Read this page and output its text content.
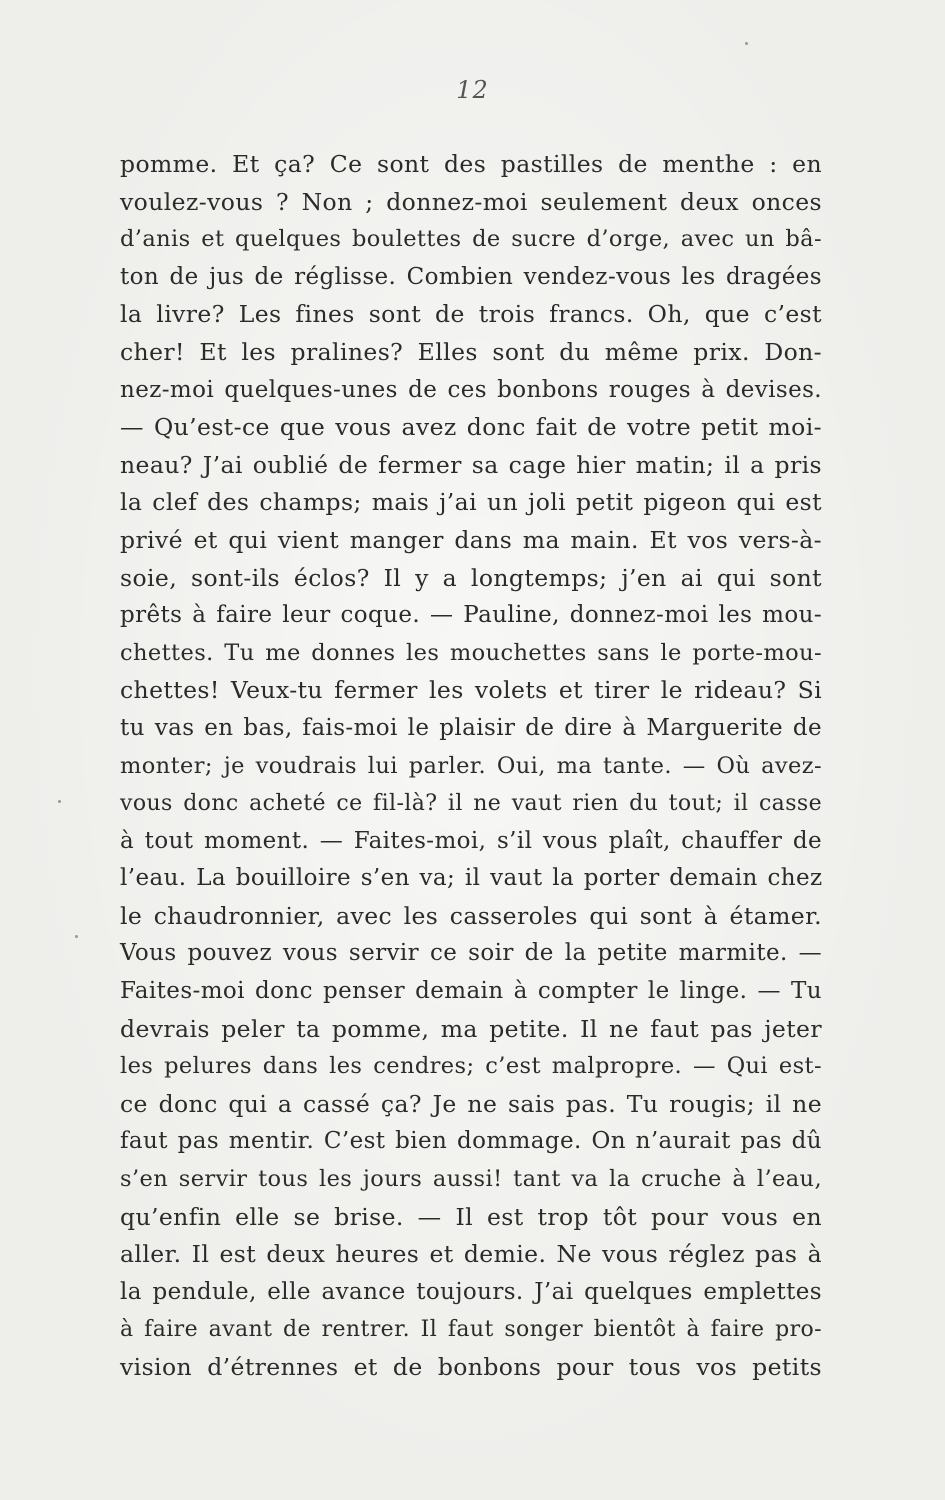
12
pomme. Et ça? Ce sont des pastilles de menthe : en
voulez-vous ? Non ; donnez-moi seulement deux onces
d’anis et quelques boulettes de sucre d’orge, avec un bâ-
ton de jus de réglisse. Combien vendez-vous les dragées
la livre? Les fines sont de trois francs. Oh, que c’est
cher! Et les pralines? Elles sont du même prix. Don-
nez-moi quelques-unes de ces bonbons rouges à devises.
— Qu’est-ce que vous avez donc fait de votre petit moi-
neau? J’ai oublié de fermer sa cage hier matin; il a pris
la clef des champs; mais j’ai un joli petit pigeon qui est
privé et qui vient manger dans ma main. Et vos vers-à-
soie, sont-ils éclos? Il y a longtemps; j’en ai qui sont
prêts à faire leur coque. — Pauline, donnez-moi les mou-
chettes. Tu me donnes les mouchettes sans le porte-mou-
chettes! Veux-tu fermer les volets et tirer le rideau? Si
tu vas en bas, fais-moi le plaisir de dire à Marguerite de
monter; je voudrais lui parler. Oui, ma tante. — Où avez-
vous donc acheté ce fil-là? il ne vaut rien du tout; il casse
à tout moment. — Faites-moi, s’il vous plaît, chauffer de
l’eau. La bouilloire s’en va; il vaut la porter demain chez
le chaudronnier, avec les casseroles qui sont à étamer.
Vous pouvez vous servir ce soir de la petite marmite. —
Faites-moi donc penser demain à compter le linge. — Tu
devrais peler ta pomme, ma petite. Il ne faut pas jeter
les pelures dans les cendres; c’est malpropre. — Qui est-
ce donc qui a cassé ça? Je ne sais pas. Tu rougis; il ne
faut pas mentir. C’est bien dommage. On n’aurait pas dû
s’en servir tous les jours aussi! tant va la cruche à l’eau,
qu’enfin elle se brise. — Il est trop tôt pour vous en
aller. Il est deux heures et demie. Ne vous réglez pas à
la pendule, elle avance toujours. J’ai quelques emplettes
à faire avant de rentrer. Il faut songer bientôt à faire pro-
vision d’étrennes et de bonbons pour tous vos petits
